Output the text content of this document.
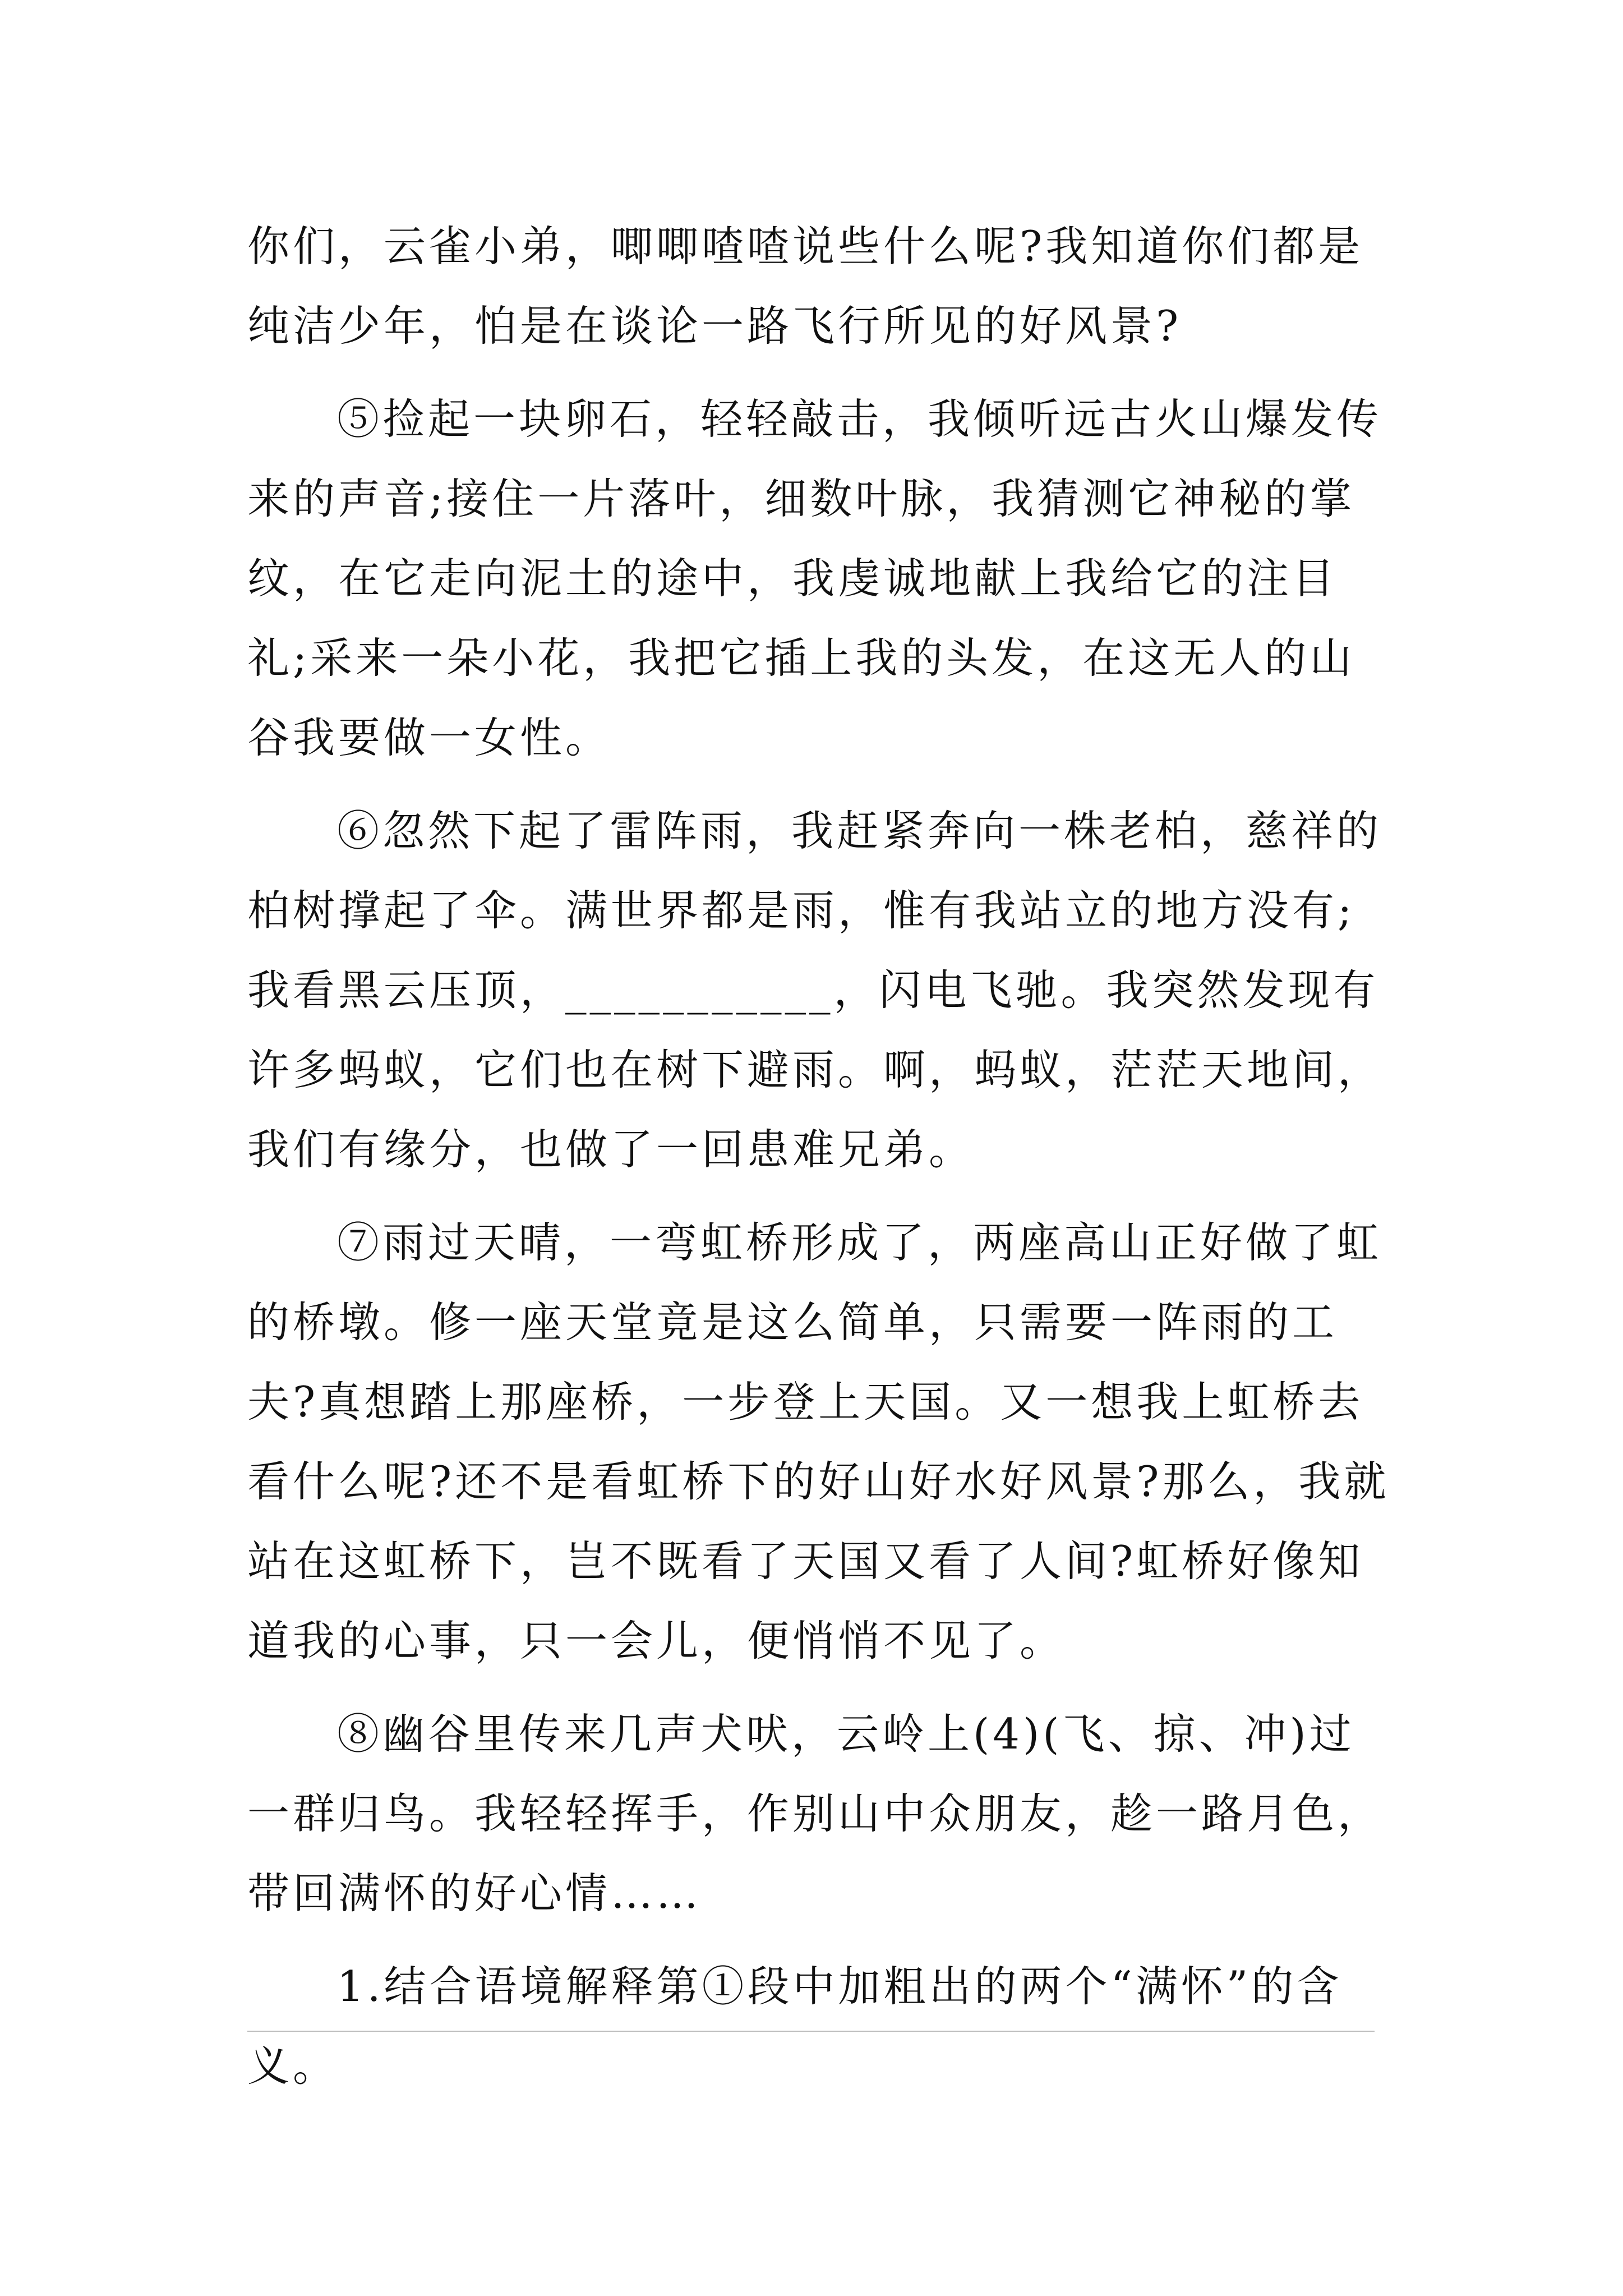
你们，云雀小弟，唧唧喳喳说些什么呢?我知道你们都是纯洁少年，怕是在谈论一路飞行所见的好风景?

⑤捡起一块卵石，轻轻敲击，我倾听远古火山爆发传来的声音;接住一片落叶，细数叶脉，我猜测它神秘的掌纹，在它走向泥土的途中，我虔诚地献上我给它的注目礼;采来一朵小花，我把它插上我的头发，在这无人的山谷我要做一女性。

⑥忽然下起了雷阵雨，我赶紧奔向一株老柏，慈祥的柏树撑起了伞。满世界都是雨，惟有我站立的地方没有;我看黑云压顶，___________，闪电飞驰。我突然发现有许多蚂蚁，它们也在树下避雨。啊，蚂蚁，茫茫天地间，我们有缘分，也做了一回患难兄弟。

⑦雨过天晴，一弯虹桥形成了，两座高山正好做了虹的桥墩。修一座天堂竟是这么简单，只需要一阵雨的工夫?真想踏上那座桥，一步登上天国。又一想我上虹桥去看什么呢?还不是看虹桥下的好山好水好风景?那么，我就站在这虹桥下，岂不既看了天国又看了人间?虹桥好像知道我的心事，只一会儿，便悄悄不见了。

⑧幽谷里传来几声犬吠，云岭上(4)(飞、掠、冲)过一群归鸟。我轻轻挥手，作别山中众朋友，趁一路月色，带回满怀的好心情……

1.结合语境解释第①段中加粗出的两个“满怀”的含义。
